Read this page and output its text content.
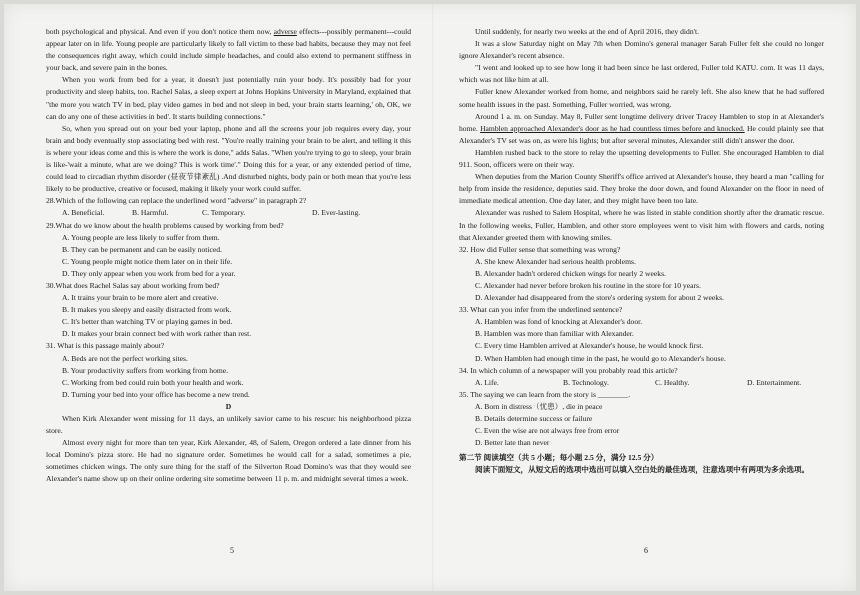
both psychological and physical. And even if you don't notice them now, adverse effects---possibly permanent---could appear later on in life. Young people are particularly likely to fall victim to these bad habits, because they may not feel the consequences right away, which could include simple headaches, and could also extend to permanent stiffness in your back, and severe pain in the bones.

When you work from bed for a year, it doesn't just potentially ruin your body. It's possibly bad for your productivity and sleep habits, too. Rachel Salas, a sleep expert at Johns Hopkins University in Maryland, explained that "the more you watch TV in bed, play video games in bed and not sleep in bed, your brain starts learning,' oh, OK, we can do any one of these activities in bed'. It starts building connections."

So, when you spread out on your bed your laptop, phone and all the screens your job requires every day, your brain and body eventually stop associating bed with rest. "You're really training your brain to be alert, and telling it this is where your ideas come and this is where the work is done," adds Salas. "When you're trying to go to sleep, your brain is like-'wait a minute, what are we doing? This is work time'." Doing this for a year, or any extended period of time, could lead to circadian rhythm disorder (昼夜节律紊乱) .And disturbed nights, body pain or both mean that you're less likely to be productive, creative or focused, making it likely your work could suffer.

28.Which of the following can replace the underlined word "adverse" in paragraph 2?

A. Beneficial.	B. Harmful.	C. Temporary.	D. Ever-lasting.

29.What do we know about the health problems caused by working from bed?

A. Young people are less likely to suffer from them.

B. They can be permanent and can be easily noticed.

C. Young people might notice them later on in their life.

D. They only appear when you work from bed for a year.

30.What does Rachel Salas say about working from bed?

A. It trains your brain to be more alert and creative.

B. It makes you sleepy and easily distracted from work.

C. It's better than watching TV or playing games in bed.

D. It makes your brain connect bed with work rather than rest.

31. What is this passage mainly about?

A. Beds are not the perfect working sites.

B. Your productivity suffers from working from home.

C. Working from bed could ruin both your health and work.

D. Turning your bed into your office has become a new trend.

D

When Kirk Alexander went missing for 11 days, an unlikely savior came to his rescue: his neighborhood pizza store.

Almost every night for more than ten year, Kirk Alexander, 48, of Salem, Oregon ordered a late dinner from his local Domino's pizza store. He had no signature order. Sometimes he would call for a salad, sometimes a pie, sometimes chicken wings. The only sure thing for the staff of the Silverton Road Domino's was that they would see Alexander's name show up on their online ordering site sometime between 11 p. m. and midnight several times a week.

5

Until suddenly, for nearly two weeks at the end of April 2016, they didn't.

It was a slow Saturday night on May 7th when Domino's general manager Sarah Fuller felt she could no longer ignore Alexander's recent absence.

"I went and looked up to see how long it had been since he last ordered, Fuller told KATU. com. It was 11 days, which was not like him at all.

Fuller knew Alexander worked from home, and neighbors said he rarely left. She also knew that he had suffered some health issues in the past. Something, Fuller worried, was wrong.

Around 1 a. m. on Sunday. May 8, Fuller sent longtime delivery driver Tracey Hamblen to stop in at Alexander's home. Hamblen approached Alexander's door as he had countless times before and knocked. He could plainly see that Alexander's TV set was on, as were his lights; but after several minutes, Alexander still didn't answer the door.

Hamblen rushed back to the store to relay the upsetting developments to Fuller. She encouraged Hamblen to dial 911. Soon, officers were on their way.

When deputies from the Marion County Sheriff's office arrived at Alexander's house, they heard a man "calling for help from inside the residence, deputies said. They broke the door down, and found Alexander on the floor in need of immediate medical attention. One day later, and they might have been too late.

Alexander was rushed to Salem Hospital, where he was listed in stable condition shortly after the dramatic rescue. In the following weeks, Fuller, Hamblen, and other store employees went to visit him with flowers and cards, noting that Alexander greeted them with knowing smiles.

32. How did Fuller sense that something was wrong?

A. She knew Alexander had serious health problems.

B. Alexander hadn't ordered chicken wings for nearly 2 weeks.

C. Alexander had never before broken his routine in the store for 10 years.

D. Alexander had disappeared from the store's ordering system for about 2 weeks.

33. What can you infer from the underlined sentence?

A. Hamblen was fond of knocking at Alexander's door.

B. Hamblen was more than familiar with Alexander.

C. Every time Hamblen arrived at Alexander's house, he would knock first.

D. When Hamblen had enough time in the past, he would go to Alexander's house.

34. In which column of a newspaper will you probably read this article?

A. Life.	B. Technology.	C. Healthy.	D. Entertainment.

35. The saying we can learn from the story is ________.

A. Born in distress（忧患）, die in peace

B. Details determine success or failure

C. Even the wise are not always free from error

D. Better late than never

第二节 阅读填空（共 5 小题；每小题 2.5 分，满分 12.5 分）

阅读下面短文，从短文后的选项中选出可以填入空白处的最佳选项，注意选项中有两项为多余选项。

6
